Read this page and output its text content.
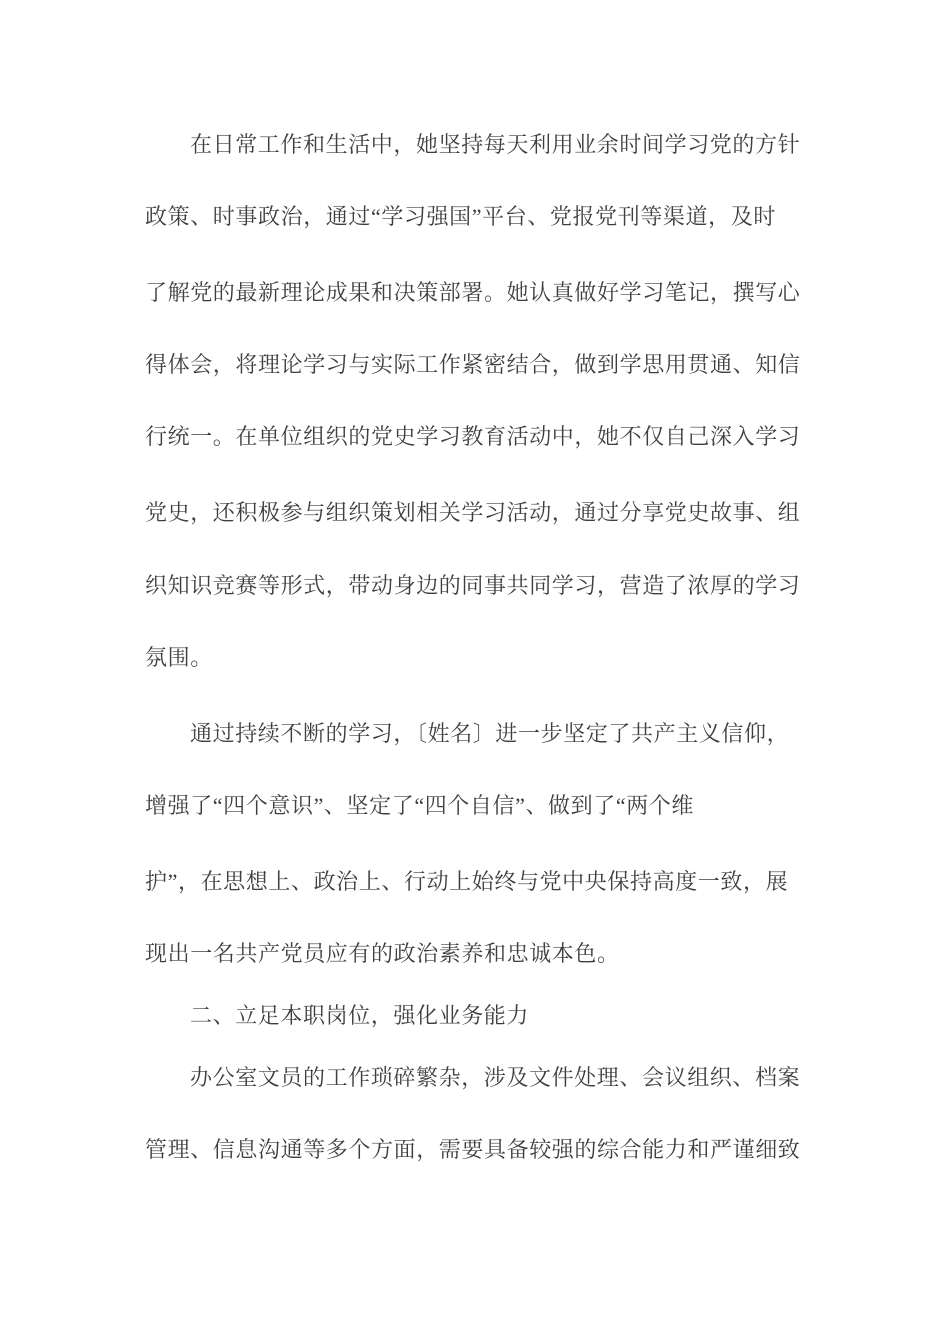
在日常工作和生活中，她坚持每天利用业余时间学习党的方针
政策、时事政治，通过“学习强国”平台、党报党刊等渠道，及时
了解党的最新理论成果和决策部署。她认真做好学习笔记，撰写心
得体会，将理论学习与实际工作紧密结合，做到学思用贯通、知信
行统一。在单位组织的党史学习教育活动中，她不仅自己深入学习
党史，还积极参与组织策划相关学习活动，通过分享党史故事、组
织知识竞赛等形式，带动身边的同事共同学习，营造了浓厚的学习
氛围。
通过持续不断的学习，〔姓名〕进一步坚定了共产主义信仰，
增强了“四个意识”、坚定了“四个自信”、做到了“两个维
护”，在思想上、政治上、行动上始终与党中央保持高度一致，展
现出一名共产党员应有的政治素养和忠诚本色。
二、立足本职岗位，强化业务能力
办公室文员的工作琐碎繁杂，涉及文件处理、会议组织、档案
管理、信息沟通等多个方面，需要具备较强的综合能力和严谨细致
